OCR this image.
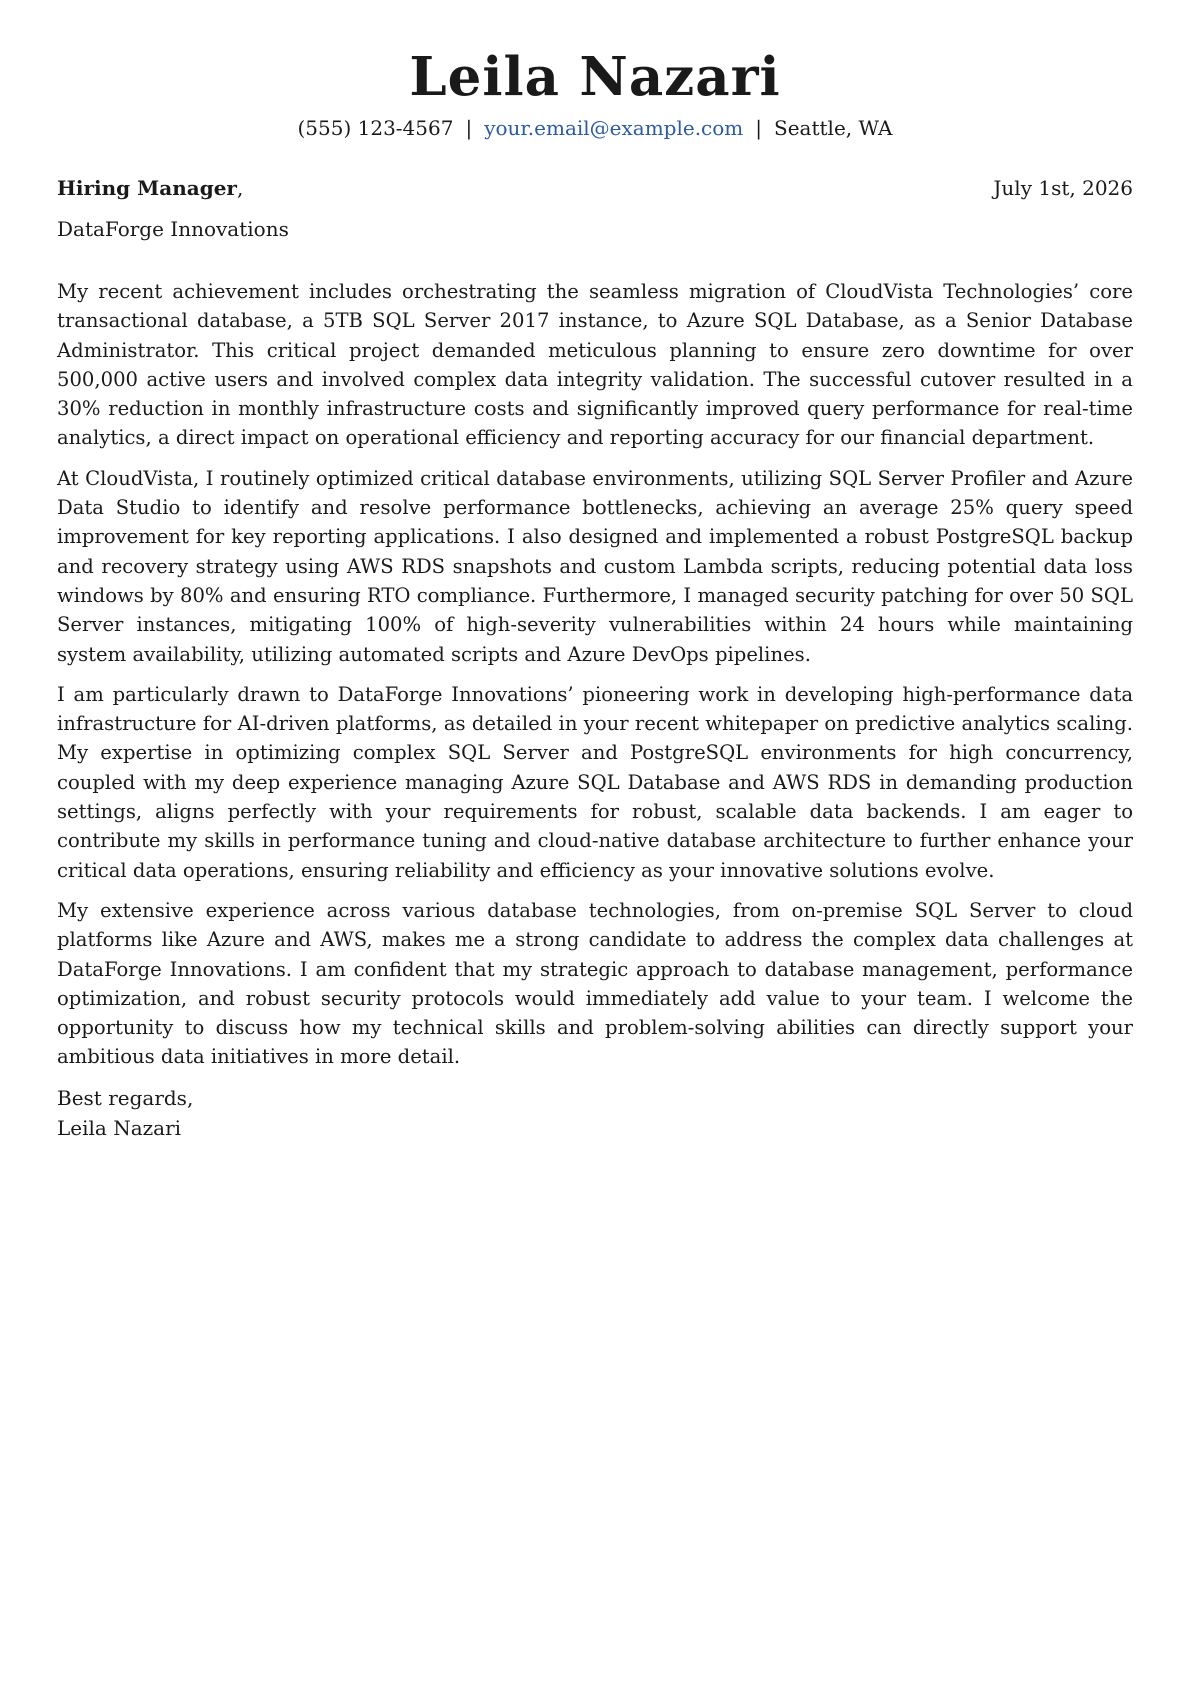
Leila Nazari
(555) 123-4567 | your.email@example.com | Seattle, WA
Hiring Manager,	July 1st, 2026
DataForge Innovations

My recent achievement includes orchestrating the seamless migration of CloudVista Technologies’ core transactional database, a 5TB SQL Server 2017 instance, to Azure SQL Database, as a Senior Database Administrator. This critical project demanded meticulous planning to ensure zero downtime for over 500,000 active users and involved complex data integrity validation. The successful cutover resulted in a 30% reduction in monthly infrastructure costs and significantly improved query performance for real-time analytics, a direct impact on operational efficiency and reporting accuracy for our financial department.

At CloudVista, I routinely optimized critical database environments, utilizing SQL Server Profiler and Azure Data Studio to identify and resolve performance bottlenecks, achieving an average 25% query speed improvement for key reporting applications. I also designed and implemented a robust PostgreSQL backup and recovery strategy using AWS RDS snapshots and custom Lambda scripts, reducing potential data loss windows by 80% and ensuring RTO compliance. Furthermore, I managed security patching for over 50 SQL Server instances, mitigating 100% of high-severity vulnerabilities within 24 hours while maintaining system availability, utilizing automated scripts and Azure DevOps pipelines.

I am particularly drawn to DataForge Innovations’ pioneering work in developing high-performance data infrastructure for AI-driven platforms, as detailed in your recent whitepaper on predictive analytics scaling. My expertise in optimizing complex SQL Server and PostgreSQL environments for high concurrency, coupled with my deep experience managing Azure SQL Database and AWS RDS in demanding production settings, aligns perfectly with your requirements for robust, scalable data backends. I am eager to contribute my skills in performance tuning and cloud-native database architecture to further enhance your critical data operations, ensuring reliability and efficiency as your innovative solutions evolve.

My extensive experience across various database technologies, from on-premise SQL Server to cloud platforms like Azure and AWS, makes me a strong candidate to address the complex data challenges at DataForge Innovations. I am confident that my strategic approach to database management, performance optimization, and robust security protocols would immediately add value to your team. I welcome the opportunity to discuss how my technical skills and problem-solving abilities can directly support your ambitious data initiatives in more detail.

Best regards,
Leila Nazari
